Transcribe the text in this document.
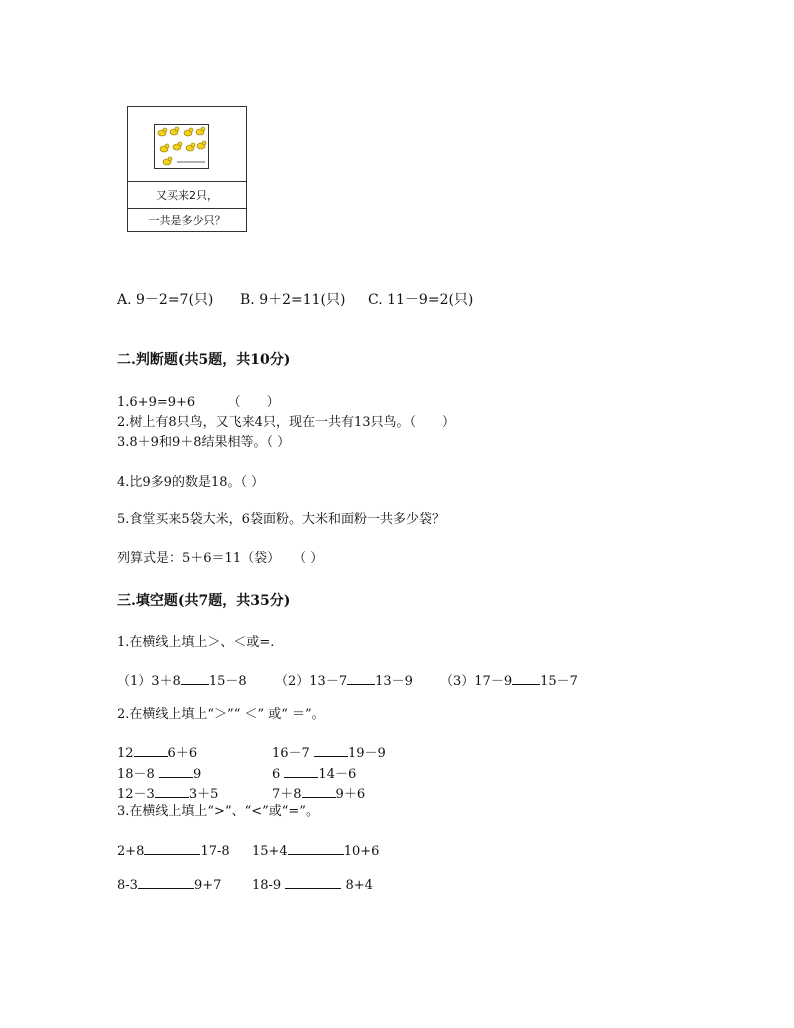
又买来2只，
一共是多少只？
A. 9－2=7(只) B. 9＋2=11(只) C. 11－9=2(只)
二.判断题(共5题，共10分)
1.6+9=9+6　　　（　　）
2.树上有8只鸟，又飞来4只，现在一共有13只鸟。（　　）
3.8＋9和9＋8结果相等。（ ）
4.比9多9的数是18。（ ）
5.食堂买来5袋大米，6袋面粉。大米和面粉一共多少袋？
列算式是：5＋6＝11（袋）　　（ ）
三.填空题(共7题，共35分)
1.在横线上填上＞、＜或=.
（1）3＋8 15－8 （2）13－7 13－9 （3）17－9 15－7
2.在横线上填上“＞”“ ＜” 或“ ＝”。
12	6＋6	16－7	19－9
18－8	9	6	14－6
12－3	3＋5	7＋8	9＋6
3.在横线上填上“>”、“<”或“=”。
2+8	17-8 15+4	10+6
8-3	9+7 18-9	8+4
